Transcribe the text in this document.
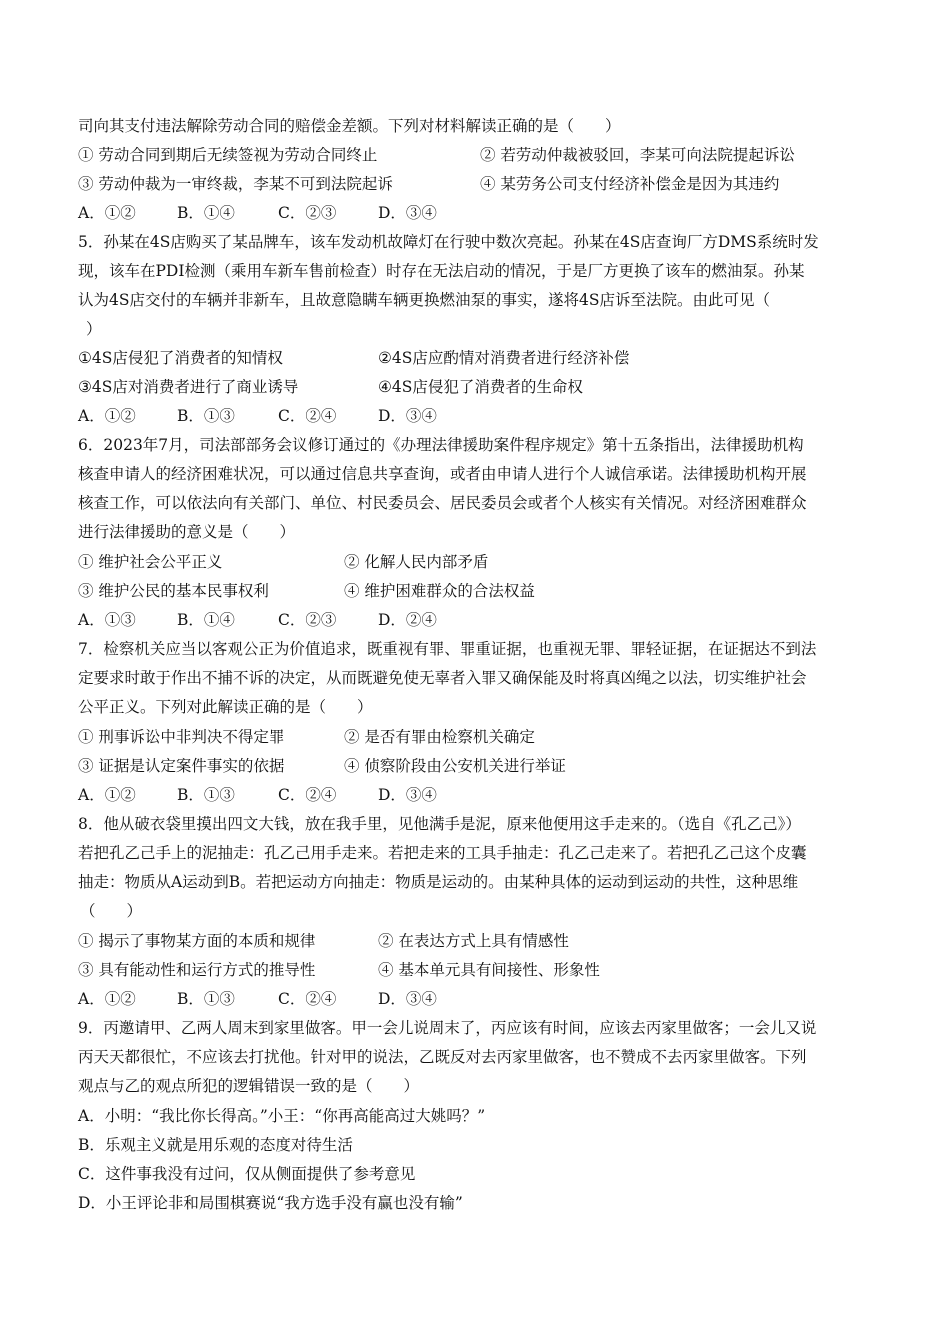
司向其支付违法解除劳动合同的赔偿金差额。下列对材料解读正确的是（　　）
① 劳动合同到期后无续签视为劳动合同终止	② 若劳动仲裁被驳回，李某可向法院提起诉讼
③ 劳动仲裁为一审终裁，李某不可到法院起诉	④ 某劳务公司支付经济补偿金是因为其违约
A．①②	B．①④	C．②③	D．③④
5．孙某在4S店购买了某品牌车，该车发动机故障灯在行驶中数次亮起。孙某在4S店查询厂方DMS系统时发
现，该车在PDI检测（乘用车新车售前检查）时存在无法启动的情况，于是厂方更换了该车的燃油泵。孙某
认为4S店交付的车辆并非新车，且故意隐瞒车辆更换燃油泵的事实，遂将4S店诉至法院。由此可见（
）
①4S店侵犯了消费者的知情权	②4S店应酌情对消费者进行经济补偿
③4S店对消费者进行了商业诱导	④4S店侵犯了消费者的生命权
A．①②	B．①③	C．②④	D．③④
6．2023年7月，司法部部务会议修订通过的《办理法律援助案件程序规定》第十五条指出，法律援助机构
核查申请人的经济困难状况，可以通过信息共享查询，或者由申请人进行个人诚信承诺。法律援助机构开展
核查工作，可以依法向有关部门、单位、村民委员会、居民委员会或者个人核实有关情况。对经济困难群众
进行法律援助的意义是（　　）
① 维护社会公平正义	② 化解人民内部矛盾
③ 维护公民的基本民事权利	④ 维护困难群众的合法权益
A．①③	B．①④	C．②③	D．②④
7．检察机关应当以客观公正为价值追求，既重视有罪、罪重证据，也重视无罪、罪轻证据，在证据达不到法
定要求时敢于作出不捕不诉的决定，从而既避免使无辜者入罪又确保能及时将真凶绳之以法，切实维护社会
公平正义。下列对此解读正确的是（　　）
① 刑事诉讼中非判决不得定罪	② 是否有罪由检察机关确定
③ 证据是认定案件事实的依据	④ 侦察阶段由公安机关进行举证
A．①②	B．①③	C．②④	D．③④
8．他从破衣袋里摸出四文大钱，放在我手里，见他满手是泥，原来他便用这手走来的。（选自《孔乙己》）
若把孔乙己手上的泥抽走：孔乙己用手走来。若把走来的工具手抽走：孔乙己走来了。若把孔乙己这个皮囊
抽走：物质从A运动到B。若把运动方向抽走：物质是运动的。由某种具体的运动到运动的共性，这种思维
（　　）
① 揭示了事物某方面的本质和规律	② 在表达方式上具有情感性
③ 具有能动性和运行方式的推导性	④ 基本单元具有间接性、形象性
A．①②	B．①③	C．②④	D．③④
9．丙邀请甲、乙两人周末到家里做客。甲一会儿说周末了，丙应该有时间，应该去丙家里做客；一会儿又说
丙天天都很忙，不应该去打扰他。针对甲的说法，乙既反对去丙家里做客，也不赞成不去丙家里做客。下列
观点与乙的观点所犯的逻辑错误一致的是（　　）
A．小明：“我比你长得高。”小王：“你再高能高过大姚吗？”
B．乐观主义就是用乐观的态度对待生活
C．这件事我没有过问，仅从侧面提供了参考意见
D．小王评论非和局围棋赛说“我方选手没有赢也没有输”
